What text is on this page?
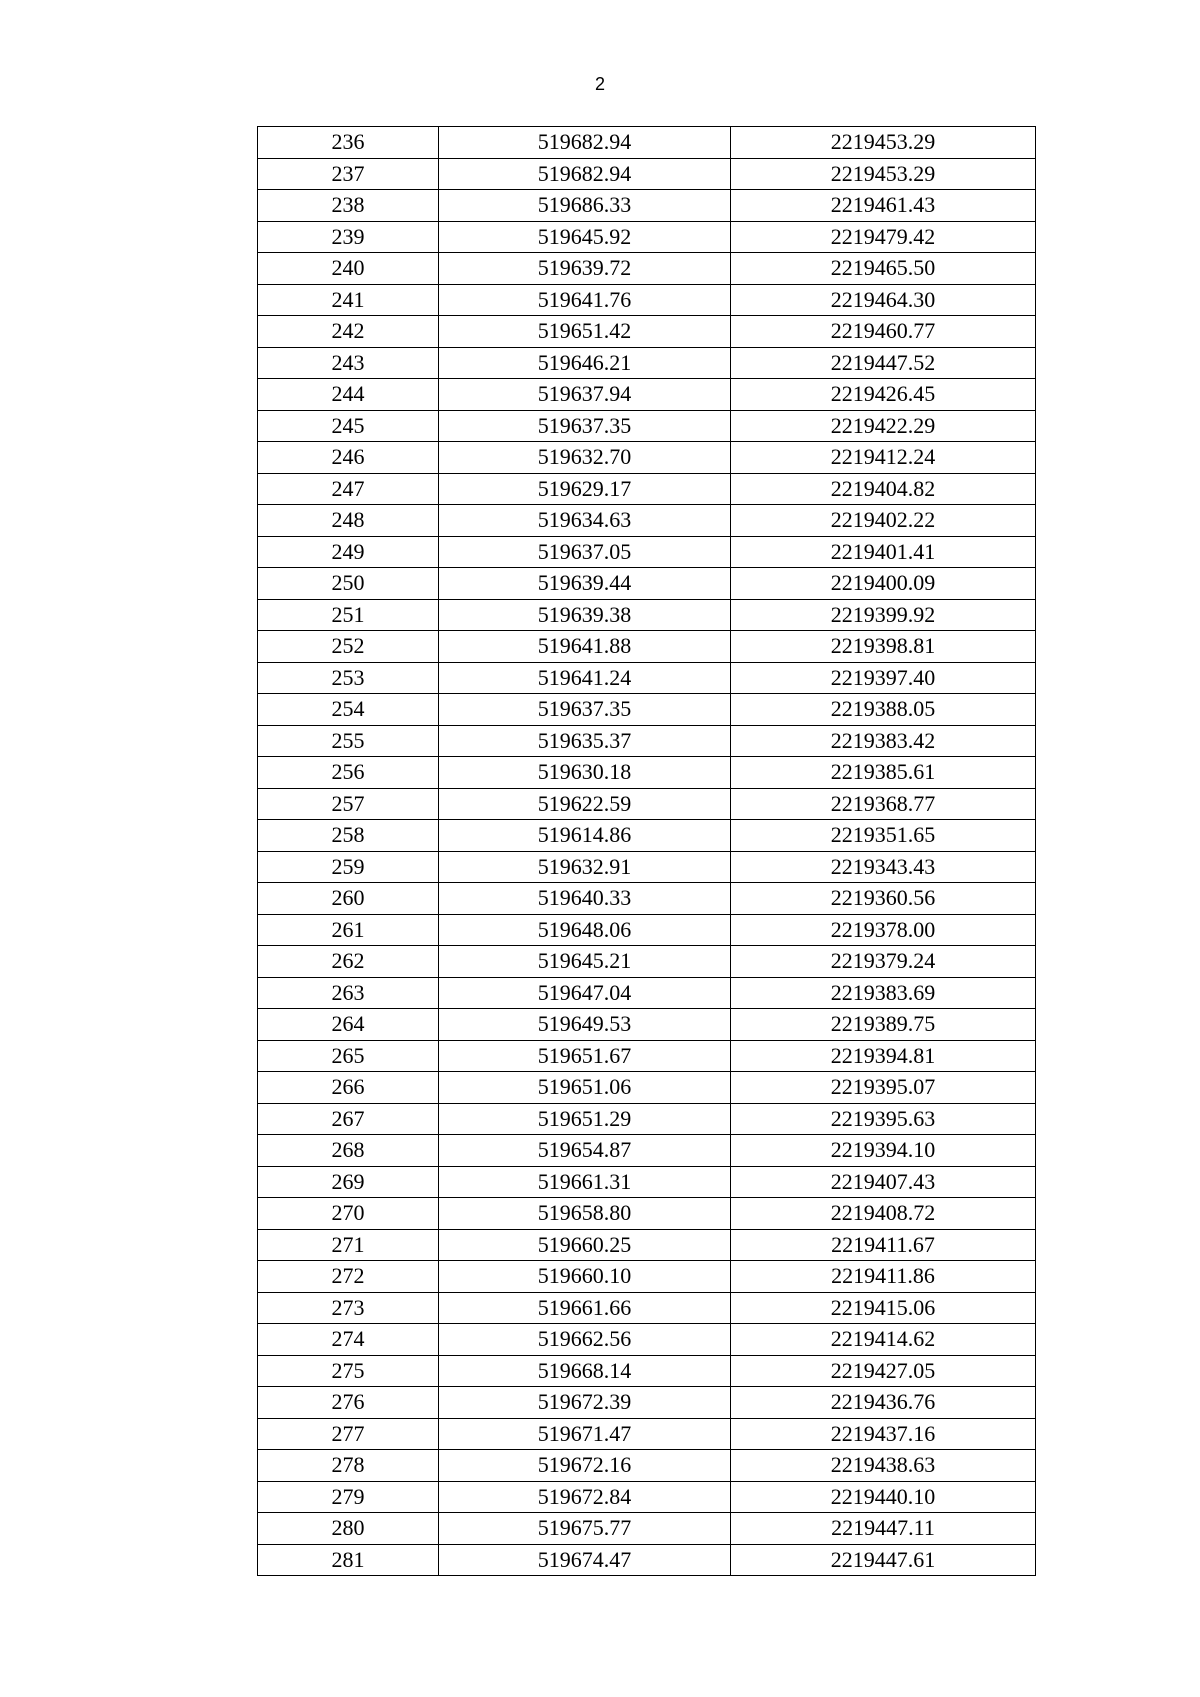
2
236	519682.94	2219453.29
237	519682.94	2219453.29
238	519686.33	2219461.43
239	519645.92	2219479.42
240	519639.72	2219465.50
241	519641.76	2219464.30
242	519651.42	2219460.77
243	519646.21	2219447.52
244	519637.94	2219426.45
245	519637.35	2219422.29
246	519632.70	2219412.24
247	519629.17	2219404.82
248	519634.63	2219402.22
249	519637.05	2219401.41
250	519639.44	2219400.09
251	519639.38	2219399.92
252	519641.88	2219398.81
253	519641.24	2219397.40
254	519637.35	2219388.05
255	519635.37	2219383.42
256	519630.18	2219385.61
257	519622.59	2219368.77
258	519614.86	2219351.65
259	519632.91	2219343.43
260	519640.33	2219360.56
261	519648.06	2219378.00
262	519645.21	2219379.24
263	519647.04	2219383.69
264	519649.53	2219389.75
265	519651.67	2219394.81
266	519651.06	2219395.07
267	519651.29	2219395.63
268	519654.87	2219394.10
269	519661.31	2219407.43
270	519658.80	2219408.72
271	519660.25	2219411.67
272	519660.10	2219411.86
273	519661.66	2219415.06
274	519662.56	2219414.62
275	519668.14	2219427.05
276	519672.39	2219436.76
277	519671.47	2219437.16
278	519672.16	2219438.63
279	519672.84	2219440.10
280	519675.77	2219447.11
281	519674.47	2219447.61
